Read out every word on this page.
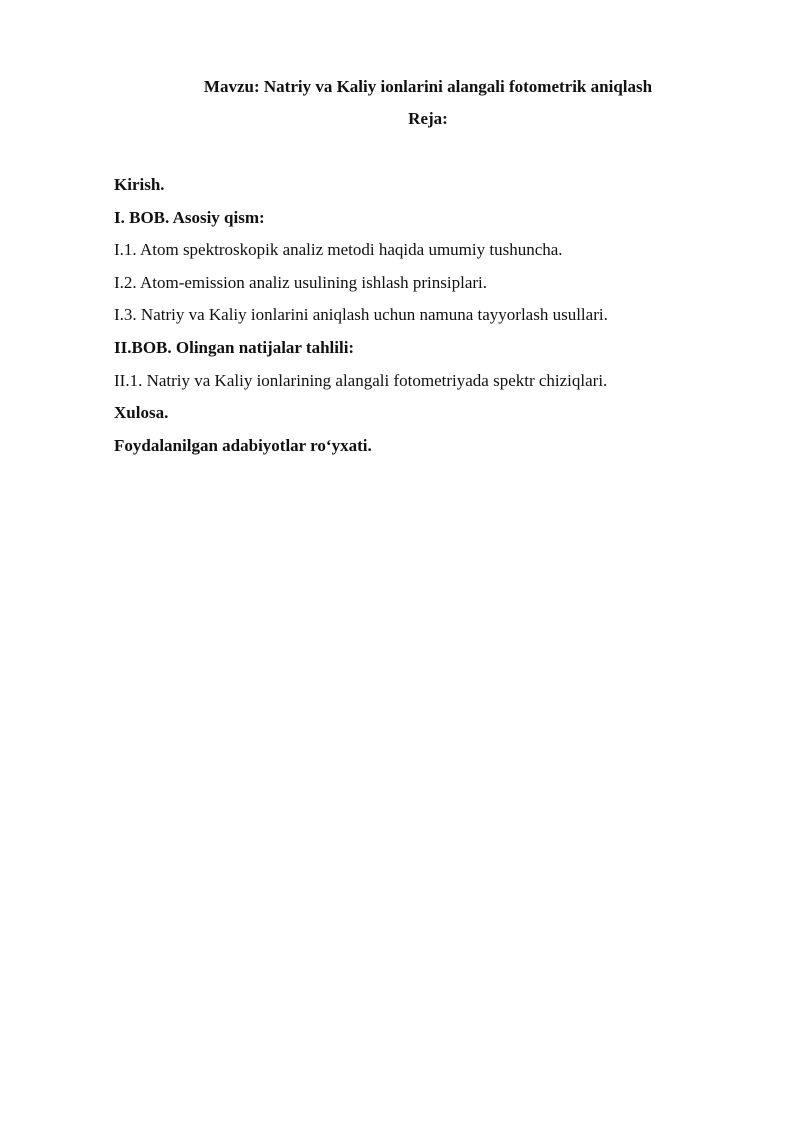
Mavzu: Natriy va Kaliy ionlarini alangali fotometrik aniqlash
Reja:
Kirish.
I. BOB. Asosiy qism:
I.1. Atom spektroskopik analiz metodi haqida umumiy tushuncha.
I.2. Atom-emission analiz usulining ishlash prinsiplari.
I.3. Natriy va Kaliy ionlarini aniqlash uchun namuna tayyorlash usullari.
II.BOB. Olingan natijalar tahlili:
II.1. Natriy va Kaliy ionlarining alangali fotometriyada spektr chiziqlari.
Xulosa.
Foydalanilgan adabiyotlar ro‘yxati.
